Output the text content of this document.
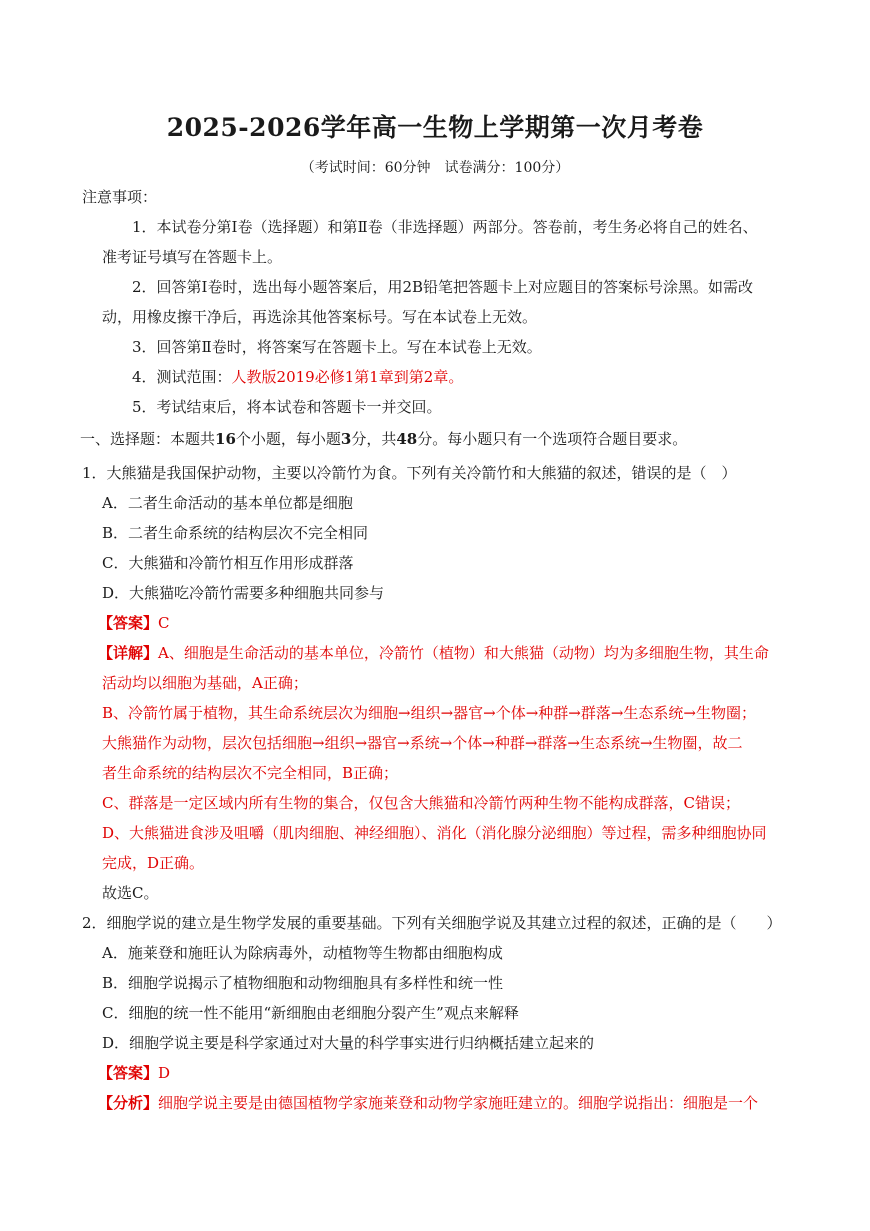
2025-2026学年高一生物上学期第一次月考卷
（考试时间：60分钟　试卷满分：100分）
注意事项：
1．本试卷分第Ⅰ卷（选择题）和第Ⅱ卷（非选择题）两部分。答卷前，考生务必将自己的姓名、
准考证号填写在答题卡上。
2．回答第Ⅰ卷时，选出每小题答案后，用2B铅笔把答题卡上对应题目的答案标号涂黑。如需改
动，用橡皮擦干净后，再选涂其他答案标号。写在本试卷上无效。
3．回答第Ⅱ卷时，将答案写在答题卡上。写在本试卷上无效。
4．测试范围：人教版2019必修1第1章到第2章。
5．考试结束后，将本试卷和答题卡一并交回。
一、选择题：本题共16个小题，每小题3分，共48分。每小题只有一个选项符合题目要求。
1．大熊猫是我国保护动物，主要以冷箭竹为食。下列有关冷箭竹和大熊猫的叙述，错误的是（　）
A．二者生命活动的基本单位都是细胞
B．二者生命系统的结构层次不完全相同
C．大熊猫和冷箭竹相互作用形成群落
D．大熊猫吃冷箭竹需要多种细胞共同参与
【答案】C
【详解】A、细胞是生命活动的基本单位，冷箭竹（植物）和大熊猫（动物）均为多细胞生物，其生命
活动均以细胞为基础，A正确；
B、冷箭竹属于植物，其生命系统层次为细胞→组织→器官→个体→种群→群落→生态系统→生物圈；
大熊猫作为动物，层次包括细胞→组织→器官→系统→个体→种群→群落→生态系统→生物圈，故二
者生命系统的结构层次不完全相同，B正确；
C、群落是一定区域内所有生物的集合，仅包含大熊猫和冷箭竹两种生物不能构成群落，C错误；
D、大熊猫进食涉及咀嚼（肌肉细胞、神经细胞）、消化（消化腺分泌细胞）等过程，需多种细胞协同
完成，D正确。
故选C。
2．细胞学说的建立是生物学发展的重要基础。下列有关细胞学说及其建立过程的叙述，正确的是（　　）
A．施莱登和施旺认为除病毒外，动植物等生物都由细胞构成
B．细胞学说揭示了植物细胞和动物细胞具有多样性和统一性
C．细胞的统一性不能用“新细胞由老细胞分裂产生”观点来解释
D．细胞学说主要是科学家通过对大量的科学事实进行归纳概括建立起来的
【答案】D
【分析】细胞学说主要是由德国植物学家施莱登和动物学家施旺建立的。细胞学说指出：细胞是一个
